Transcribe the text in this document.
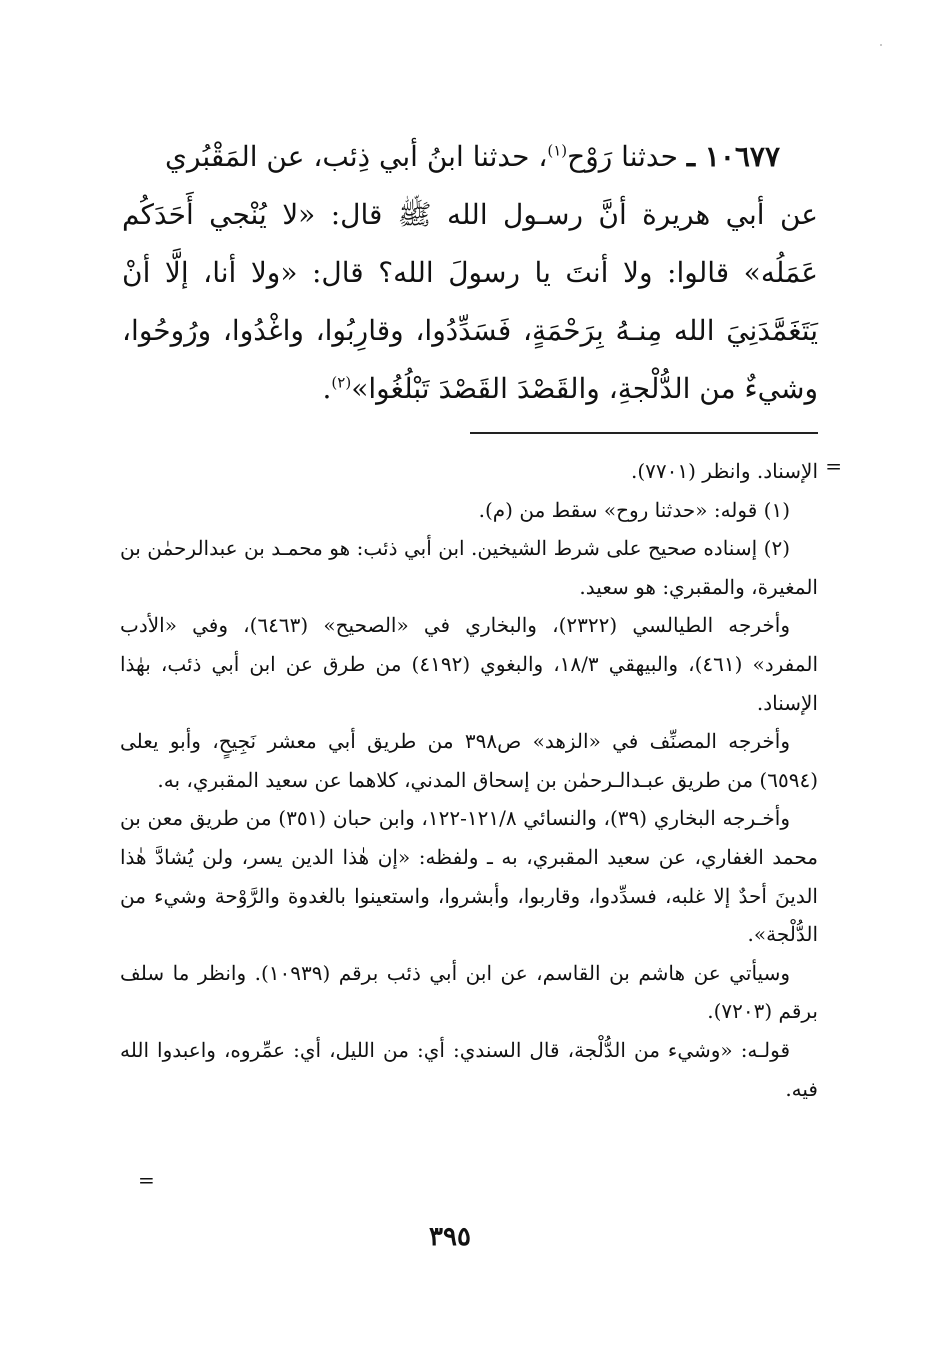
١٠٦٧٧ ـ حدثنا رَوْح$^{(١)}$، حدثنا ابنُ أبي ذِئب، عن المَقْبُري

عن أبي هريرة أنَّ رسـول الله ﷺ قال: «لا يُنْجي أَحَدَكُم عَمَلُه» قالوا: ولا أنتَ يا رسولَ الله؟ قال: «ولا أنا، إلَّا أنْ يَتَغَمَّدَنِيَ الله مِنـهُ بِرَحْمَةٍ، فَسَدِّدُوا، وقارِبُوا، واغْدُوا، ورُوحُوا، وشيءٌ من الدُّلْجةِ، والقَصْدَ القَصْدَ تَبْلُغُوا»$^{(٢)}$.

=

الإسناد. وانظر (٧٧٠١).

(١) قوله: «حدثنا روح» سقط من (م).

(٢) إسناده صحيح على شرط الشيخين. ابن أبي ذئب: هو محمـد بن عبدالرحمٰن بن المغيرة، والمقبري: هو سعيد.

وأخرجه الطيالسي (٢٣٢٢)، والبخاري في «الصحيح» (٦٤٦٣)، وفي «الأدب المفرد» (٤٦١)، والبيهقي ١٨/٣، والبغوي (٤١٩٢) من طرق عن ابن أبي ذئب، بهٰذا الإسناد.

وأخرجه المصنِّف في «الزهد» ص٣٩٨ من طريق أبي معشر نَجِيحٍ، وأبو يعلى (٦٥٩٤) من طريق عبـدالـرحمٰن بن إسحاق المدني، كلاهما عن سعيد المقبري، به.

وأخـرجه البخاري (٣٩)، والنسائي ١٢١/٨-١٢٢، وابن حبان (٣٥١) من طريق معن بن محمد الغفاري، عن سعيد المقبري، به ـ ولفظه: «إن هٰذا الدين يسر، ولن يُشادَّ هٰذا الدينَ أحدٌ إلا غلبه، فسدِّدوا، وقاربوا، وأبشروا، واستعينوا بالغدوة والرَّوْحة وشيء من الدُّلْجة».

وسيأتي عن هاشم بن القاسم، عن ابن أبي ذئب برقم (١٠٩٣٩). وانظر ما سلف برقم (٧٢٠٣).

قولـه: «وشيء من الدُّلْجة، قال السندي: أي: من الليل، أي: عمِّروه، واعبدوا الله فيه.

=
٣٩٥
